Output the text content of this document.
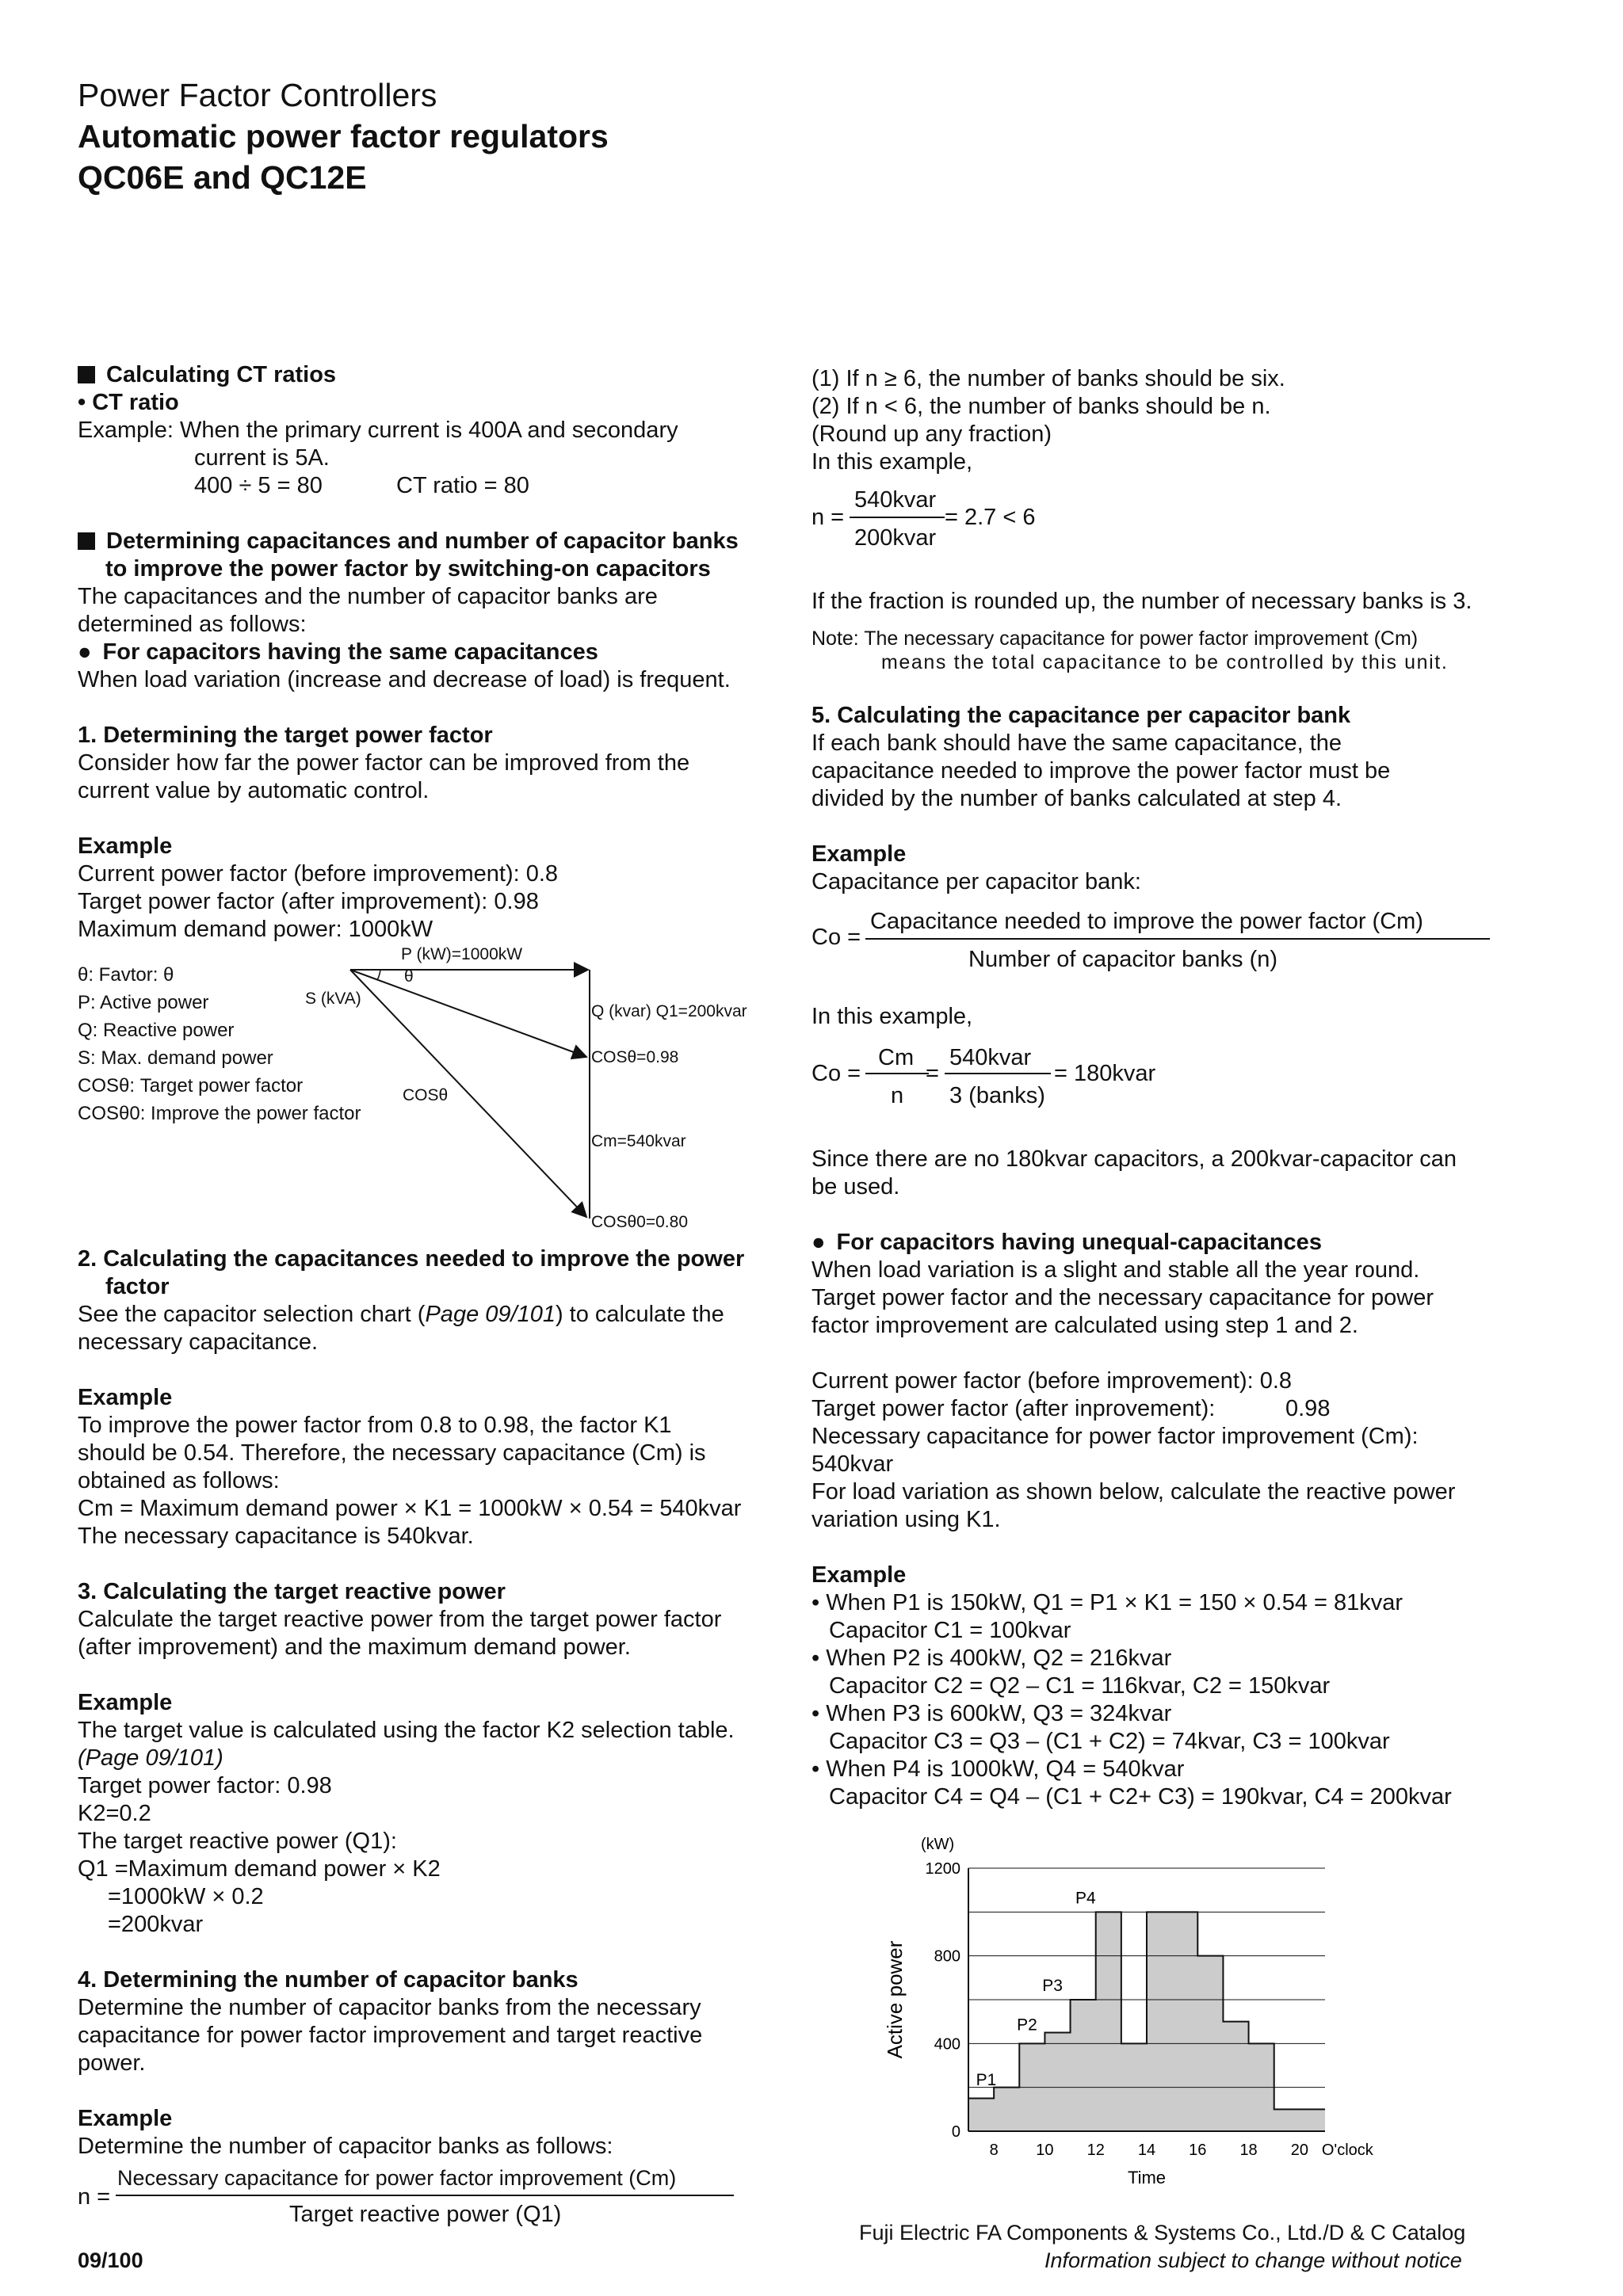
Power Factor Controllers
Automatic power factor regulators
QC06E and QC12E
Calculating CT ratios
• CT ratio
Example: When the primary current is 400A and secondary
current is 5A.
400 ÷ 5 = 80	CT ratio = 80
Determining capacitances and number of capacitor banks
to improve the power factor by switching-on capacitors
The capacitances and the number of capacitor banks are
determined as follows:
● For capacitors having the same capacitances
When load variation (increase and decrease of load) is frequent.
1. Determining the target power factor
Consider how far the power factor can be improved from the
current value by automatic control.
Example
Current power factor (before improvement): 0.8
Target power factor (after improvement): 0.98
Maximum demand power: 1000kW
θ: Favtor: θ
P: Active power
Q: Reactive power
S: Max. demand power
COSθ: Target power factor
COSθ0: Improve the power factor
P (kW)=1000kW
θ
S (kVA)
Q (kvar) Q1=200kvar
COSθ=0.98
COSθ
Cm=540kvar
COSθ0=0.80
2. Calculating the capacitances needed to improve the power
factor
See the capacitor selection chart (Page 09/101) to calculate the
necessary capacitance.
Example
To improve the power factor from 0.8 to 0.98, the factor K1
should be 0.54. Therefore, the necessary capacitance (Cm) is
obtained as follows:
Cm = Maximum demand power × K1 = 1000kW × 0.54 = 540kvar
The necessary capacitance is 540kvar.
3. Calculating the target reactive power
Calculate the target reactive power from the target power factor
(after improvement) and the maximum demand power.
Example
The target value is calculated using the factor K2 selection table.
(Page 09/101)
Target power factor: 0.98
K2=0.2
The target reactive power (Q1):
Q1 =Maximum demand power × K2
=1000kW × 0.2
=200kvar
4. Determining the number of capacitor banks
Determine the number of capacitor banks from the necessary
capacitance for power factor improvement and target reactive
power.
Example
Determine the number of capacitor banks as follows:
n =
Necessary capacitance for power factor improvement (Cm)
Target reactive power (Q1)
(1) If n ≥ 6, the number of banks should be six.
(2) If n < 6, the number of banks should be n.
(Round up any fraction)
In this example,
n =
540kvar
200kvar
= 2.7 < 6
If the fraction is rounded up, the number of necessary banks is 3.
Note: The necessary capacitance for power factor improvement (Cm)
means the total capacitance to be controlled by this unit.
5. Calculating the capacitance per capacitor bank
If each bank should have the same capacitance, the
capacitance needed to improve the power factor must be
divided by the number of banks calculated at step 4.
Example
Capacitance per capacitor bank:
Co =
Capacitance needed to improve the power factor (Cm)
Number of capacitor banks (n)
In this example,
Co =
Cm
n
=
540kvar
3 (banks)
= 180kvar
Since there are no 180kvar capacitors, a 200kvar-capacitor can
be used.
● For capacitors having unequal-capacitances
When load variation is a slight and stable all the year round.
Target power factor and the necessary capacitance for power
factor improvement are calculated using step 1 and 2.
Current power factor (before improvement): 0.8
Target power factor (after inprovement):	0.98
Necessary capacitance for power factor improvement (Cm):
540kvar
For load variation as shown below, calculate the reactive power
variation using K1.
Example
• When P1 is 150kW, Q1 = P1 × K1 = 150 × 0.54 = 81kvar
Capacitor C1 = 100kvar
• When P2 is 400kW, Q2 = 216kvar
Capacitor C2 = Q2 – C1 = 116kvar, C2 = 150kvar
• When P3 is 600kW, Q3 = 324kvar
Capacitor C3 = Q3 – (C1 + C2) = 74kvar, C3 = 100kvar
• When P4 is 1000kW, Q4 = 540kvar
Capacitor C4 = Q4 – (C1 + C2+ C3) = 190kvar, C4 = 200kvar
0
400
800
1200
8 10 12 14 16 18 20 O'clock
(kW)
Time
Active power
P1
P2
P3
P4
09/100
Fuji Electric FA Components & Systems Co., Ltd./D & C Catalog
Information subject to change without notice
